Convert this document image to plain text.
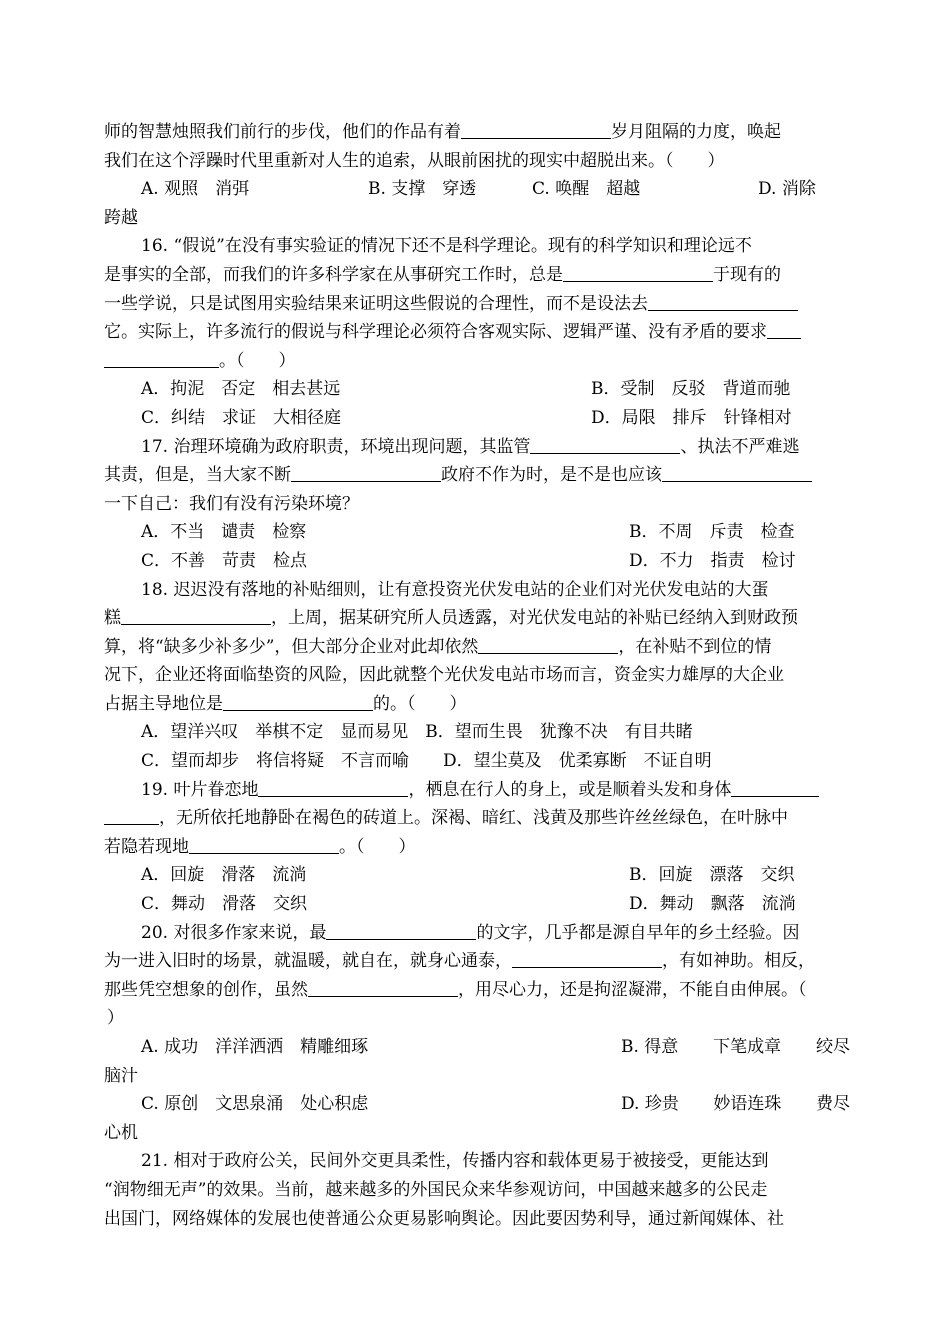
师的智慧烛照我们前行的步伐，他们的作品有着	岁月阻隔的力度，唤起
我们在这个浮躁时代里重新对人生的追索，从眼前困扰的现实中超脱出来。（　　）
A. 观照　消弭	B. 支撑　穿透	C. 唤醒　超越	D. 消除
跨越
16. “假说”在没有事实验证的情况下还不是科学理论。现有的科学知识和理论远不
是事实的全部，而我们的许多科学家在从事研究工作时，总是	于现有的
一些学说，只是试图用实验结果来证明这些假说的合理性，而不是设法去
它。实际上，许多流行的假说与科学理论必须符合客观实际、逻辑严谨、没有矛盾的要求
。（　　）
A．拘泥　否定　相去甚远	B．受制　反驳　背道而驰
C．纠结　求证　大相径庭	D．局限　排斥　针锋相对
17. 治理环境确为政府职责，环境出现问题，其监管	、执法不严难逃
其责，但是，当大家不断	政府不作为时，是不是也应该
一下自己：我们有没有污染环境？
A．不当　谴责　检察	B．不周　斥责　检查
C．不善　苛责　检点	D．不力　指责　检讨
18. 迟迟没有落地的补贴细则，让有意投资光伏发电站的企业们对光伏发电站的大蛋
糕	，上周，据某研究所人员透露，对光伏发电站的补贴已经纳入到财政预
算，将“缺多少补多少”，但大部分企业对此却依然	，在补贴不到位的情
况下，企业还将面临垫资的风险，因此就整个光伏发电站市场而言，资金实力雄厚的大企业
占据主导地位是	的。（　　）
A．望洋兴叹　举棋不定　显而易见　B．望而生畏　犹豫不决　有目共睹
C．望而却步　将信将疑　不言而喻　　D．望尘莫及　优柔寡断　不证自明
19. 叶片眷恋地	，栖息在行人的身上，或是顺着头发和身体
，无所依托地静卧在褐色的砖道上。深褐、暗红、浅黄及那些许丝丝绿色，在叶脉中
若隐若现地	。（　　）
A．回旋　滑落　流淌	B．回旋　漂落　交织
C．舞动　滑落　交织	D．舞动　飘落　流淌
20. 对很多作家来说，最	的文字，几乎都是源自早年的乡土经验。因
为一进入旧时的场景，就温暖，就自在，就身心通泰，	，有如神助。相反，
那些凭空想象的创作，虽然	，用尽心力，还是拘涩凝滞，不能自由伸展。（
）
A. 成功　洋洋洒洒　精雕细琢	B. 得意 下笔成章 绞尽
脑汁
C. 原创　文思泉涌　处心积虑	D. 珍贵 妙语连珠 费尽
心机
21. 相对于政府公关，民间外交更具柔性，传播内容和载体更易于被接受，更能达到
“润物细无声”的效果。当前，越来越多的外国民众来华参观访问，中国越来越多的公民走
出国门，网络媒体的发展也使普通公众更易影响舆论。因此要因势利导，通过新闻媒体、社
